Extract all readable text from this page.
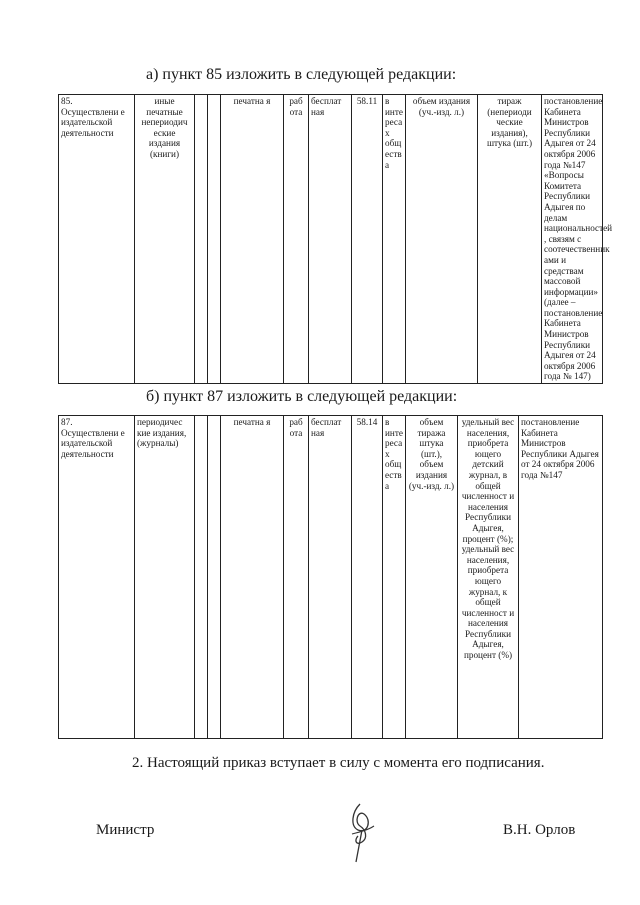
а) пункт 85 изложить в следующей редакции:
85. Осуществлени е издательской деятельности	иные печатные непериодич еские издания (книги)			печатна я	раб ота	бесплат ная	58.11	в инте реса х общ еств а	объем издания (уч.-изд. л.)	тираж (непериоди ческие издания), штука (шт.)	постановление Кабинета Министров Республики Адыгея от 24 октября 2006 года №147 «Вопросы Комитета Республики Адыгея по делам национальностей , связям с соотечественник ами и средствам массовой информации» (далее – постановление Кабинета Министров Республики Адыгея от 24 октября 2006 года № 147)
б) пункт 87 изложить в следующей редакции:
87. Осуществлени е издательской деятельности	периодичес кие издания, (журналы)			печатна я	раб ота	бесплат ная	58.14	в инте реса х общ еств а	объем тиража штука (шт.), объем издания (уч.-изд. л.)	удельный вес населения, приобрета ющего детский журнал, в общей численност и населения Республики Адыгея, процент (%); удельный вес населения, приобрета ющего журнал, к общей численност и населения Республики Адыгея, процент (%)	постановление Кабинета Министров Республики Адыгея от 24 октября 2006 года №147
2. Настоящий приказ вступает в силу с момента его подписания.
Министр	В.Н. Орлов
